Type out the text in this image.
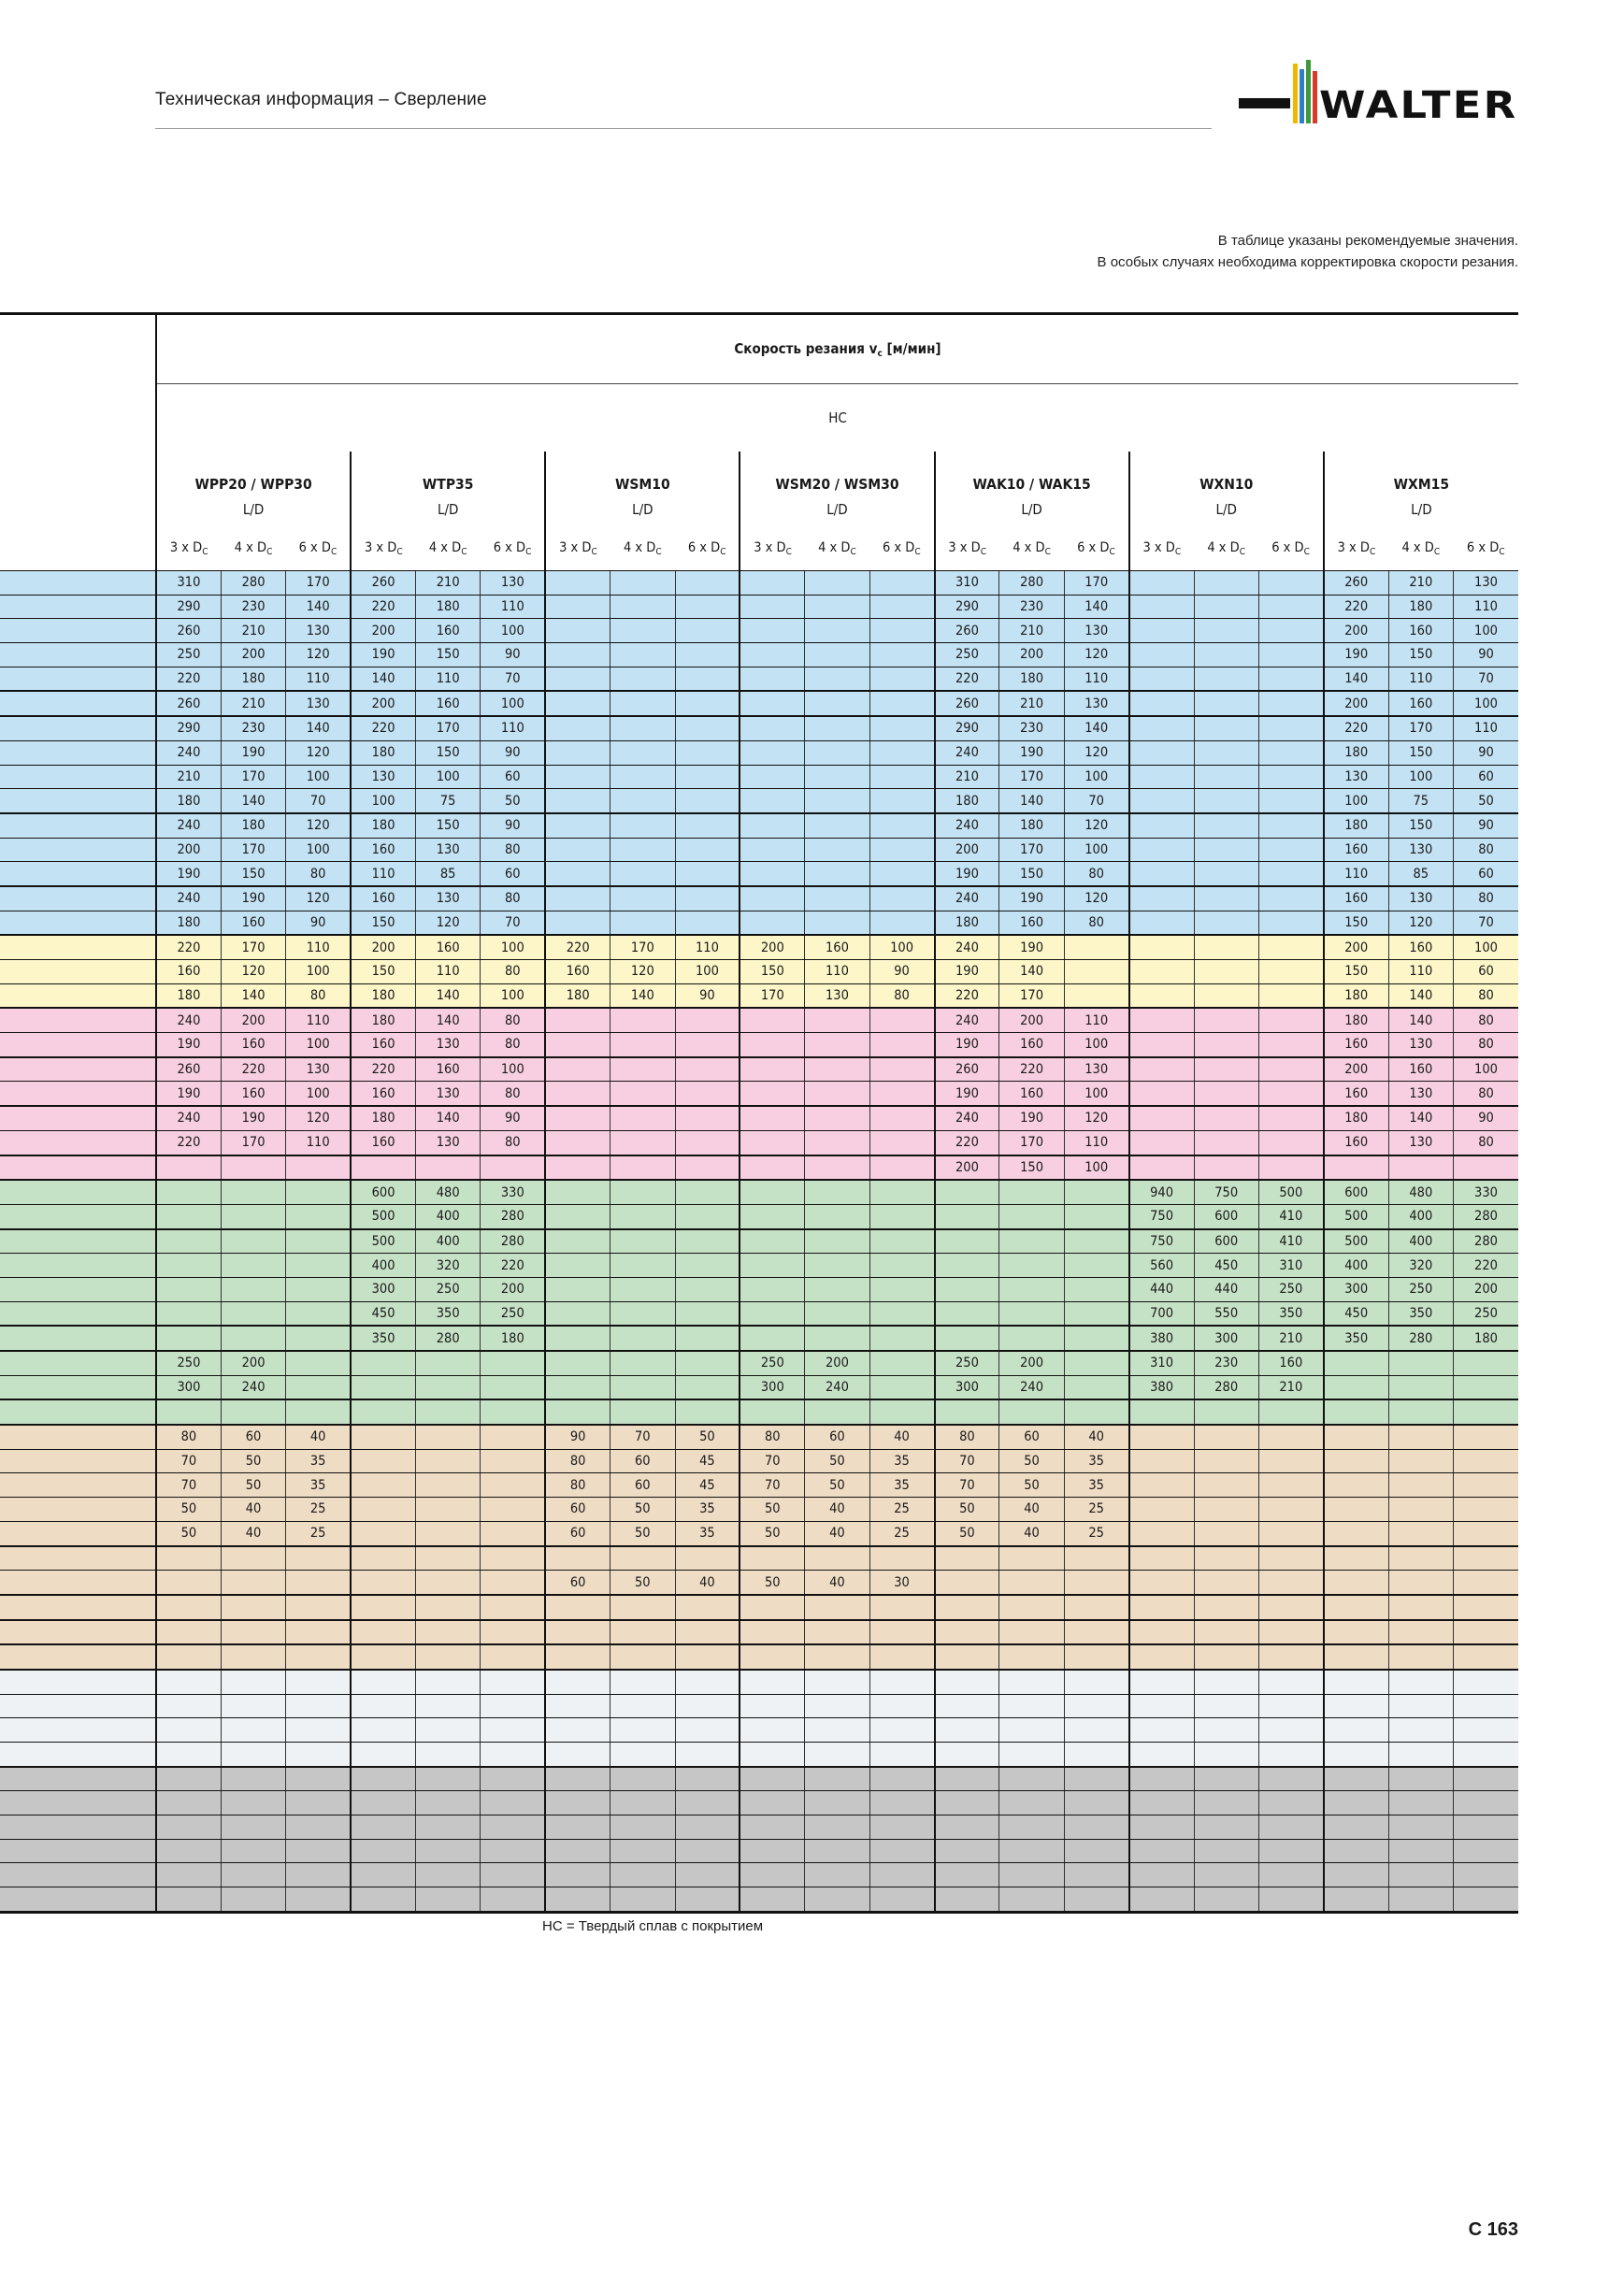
Техническая информация – Сверление	WALTER
В таблице указаны рекомендуемые значения.
В особых случаях необходима корректировка скорости резания.
	Скорость резания $v_c$ [м/мин]																				
	HC																				
	WPP20 / WPP30			WTP35			WSM10			WSM20 / WSM30			WAK10 / WAK15			WXN10			WXM15		
	L/D			L/D			L/D			L/D			L/D			L/D			L/D		
	3 x $D_C$	4 x $D_C$	6 x $D_C$	3 x $D_C$	4 x $D_C$	6 x $D_C$	3 x $D_C$	4 x $D_C$	6 x $D_C$	3 x $D_C$	4 x $D_C$	6 x $D_C$	3 x $D_C$	4 x $D_C$	6 x $D_C$	3 x $D_C$	4 x $D_C$	6 x $D_C$	3 x $D_C$	4 x $D_C$	6 x $D_C$
	310	280	170	260	210	130							310	280	170				260	210	130
	290	230	140	220	180	110							290	230	140				220	180	110
	260	210	130	200	160	100							260	210	130				200	160	100
	250	200	120	190	150	90							250	200	120				190	150	90
	220	180	110	140	110	70							220	180	110				140	110	70
	260	210	130	200	160	100							260	210	130				200	160	100
	290	230	140	220	170	110							290	230	140				220	170	110
	240	190	120	180	150	90							240	190	120				180	150	90
	210	170	100	130	100	60							210	170	100				130	100	60
	180	140	70	100	75	50							180	140	70				100	75	50
	240	180	120	180	150	90							240	180	120				180	150	90
	200	170	100	160	130	80							200	170	100				160	130	80
	190	150	80	110	85	60							190	150	80				110	85	60
	240	190	120	160	130	80							240	190	120				160	130	80
	180	160	90	150	120	70							180	160	80				150	120	70
	220	170	110	200	160	100	220	170	110	200	160	100	240	190					200	160	100
	160	120	100	150	110	80	160	120	100	150	110	90	190	140					150	110	60
	180	140	80	180	140	100	180	140	90	170	130	80	220	170					180	140	80
	240	200	110	180	140	80							240	200	110				180	140	80
	190	160	100	160	130	80							190	160	100				160	130	80
	260	220	130	220	160	100							260	220	130				200	160	100
	190	160	100	160	130	80							190	160	100				160	130	80
	240	190	120	180	140	90							240	190	120				180	140	90
	220	170	110	160	130	80							220	170	110				160	130	80
													200	150	100						
				600	480	330										940	750	500	600	480	330
				500	400	280										750	600	410	500	400	280
				500	400	280										750	600	410	500	400	280
				400	320	220										560	450	310	400	320	220
				300	250	200										440	440	250	300	250	200
				450	350	250										700	550	350	450	350	250
				350	280	180										380	300	210	350	280	180
	250	200								250	200		250	200		310	230	160			
	300	240								300	240		300	240		380	280	210			

	80	60	40				90	70	50	80	60	40	80	60	40						
	70	50	35				80	60	45	70	50	35	70	50	35						
	70	50	35				80	60	45	70	50	35	70	50	35						
	50	40	25				60	50	35	50	40	25	50	40	25						
	50	40	25				60	50	35	50	40	25	50	40	25						

							60	50	40	50	40	30									

HC = Твердый сплав с покрытием
C 163
